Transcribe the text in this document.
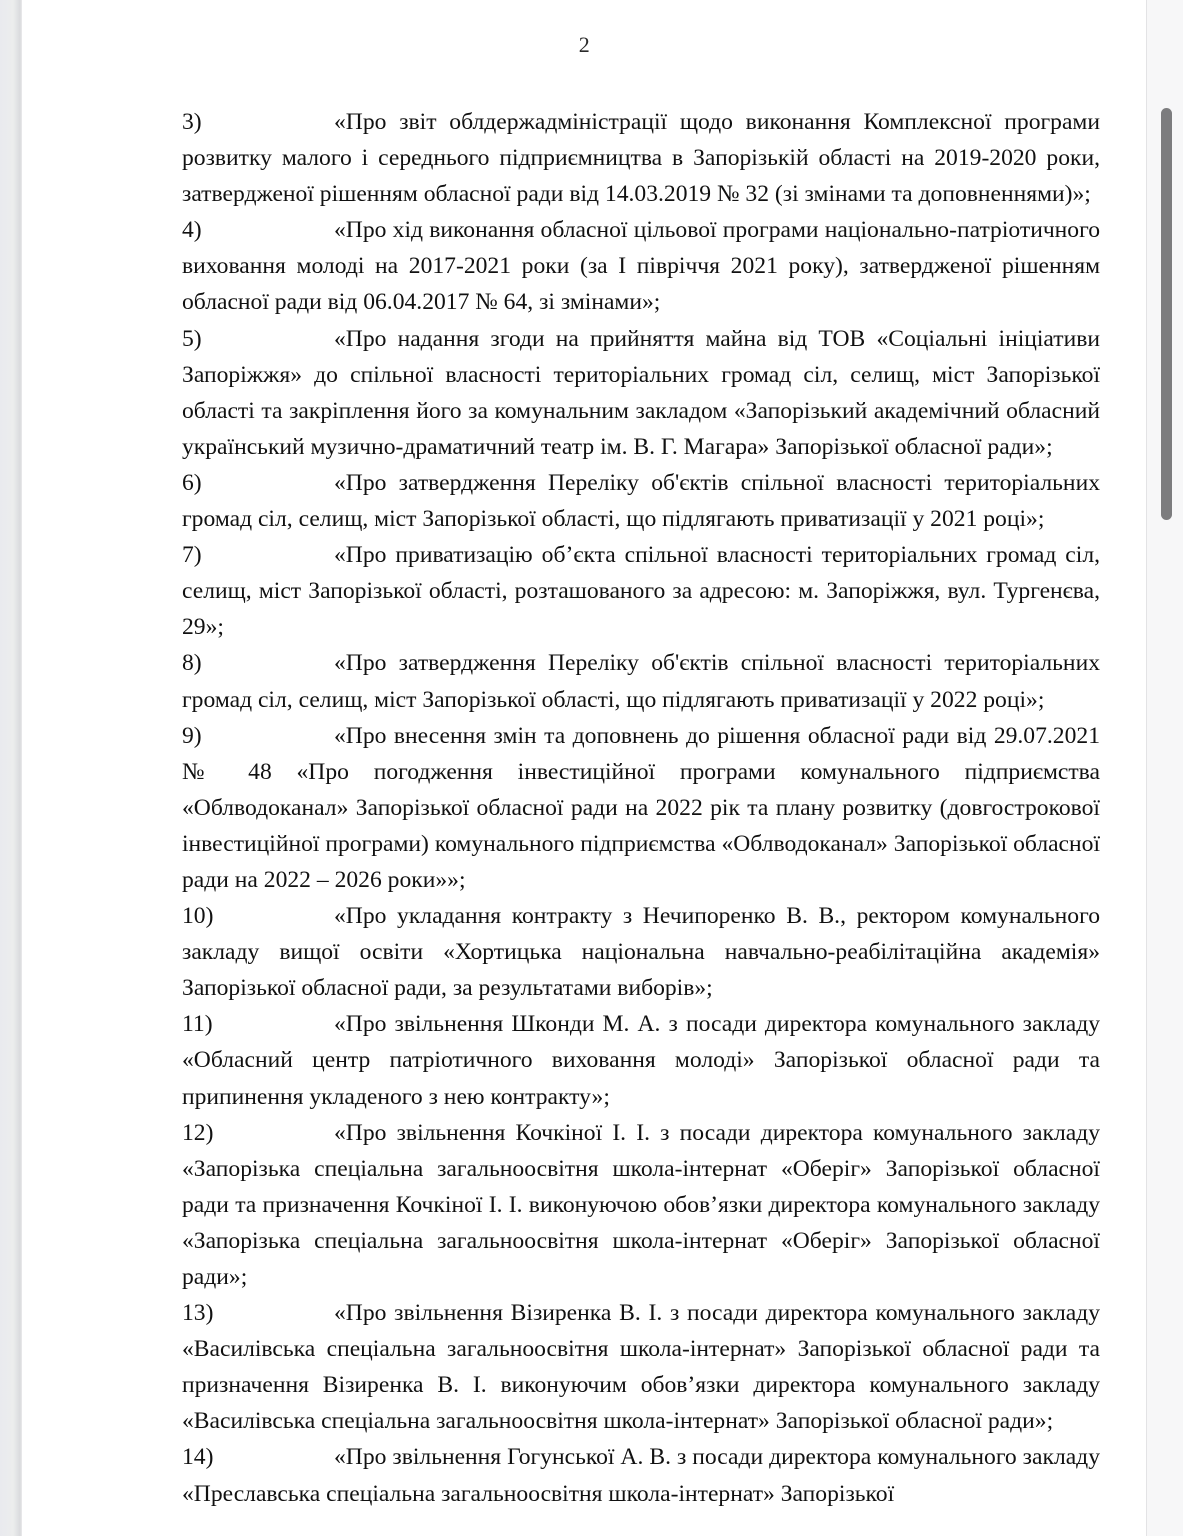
2

3)	«Про звіт облдержадміністрації щодо виконання Комплексної програми розвитку малого і середнього підприємництва в Запорізькій області на 2019-2020 роки, затвердженої рішенням обласної ради від 14.03.2019 № 32 (зі змінами та доповненнями)»;

4)	«Про хід виконання обласної цільової програми національно-патріотичного виховання молоді на 2017-2021 роки (за I півріччя 2021 року), затвердженої рішенням обласної ради від 06.04.2017 № 64, зі змінами»;

5)	«Про надання згоди на прийняття майна від ТОВ «Соціальні ініціативи Запоріжжя» до спільної власності територіальних громад сіл, селищ, міст Запорізької області та закріплення його за комунальним закладом «Запорізький академічний обласний український музично-драматичний театр ім. В. Г. Магара» Запорізької обласної ради»;

6)	«Про затвердження Переліку об'єктів спільної власності територіальних громад сіл, селищ, міст Запорізької області, що підлягають приватизації у 2021 році»;

7)	«Про приватизацію об’єкта спільної власності територіальних громад сіл, селищ, міст Запорізької області, розташованого за адресою: м. Запоріжжя, вул. Тургенєва, 29»;

8)	«Про затвердження Переліку об'єктів спільної власності територіальних громад сіл, селищ, міст Запорізької області, що підлягають приватизації у 2022 році»;

9)	«Про внесення змін та доповнень до рішення обласної ради від 29.07.2021 № 48 «Про погодження інвестиційної програми комунального підприємства «Облводоканал» Запорізької обласної ради на 2022 рік та плану розвитку (довгострокової інвестиційної програми) комунального підприємства «Облводоканал» Запорізької обласної ради на 2022 – 2026 роки»»;

10)	«Про укладання контракту з Нечипоренко В. В., ректором комунального закладу вищої освіти «Хортицька національна навчально-реабілітаційна академія» Запорізької обласної ради, за результатами виборів»;

11)	«Про звільнення Шконди М. А. з посади директора комунального закладу «Обласний центр патріотичного виховання молоді» Запорізької обласної ради та припинення укладеного з нею контракту»;

12)	«Про звільнення Кочкіної І. І. з посади директора комунального закладу «Запорізька спеціальна загальноосвітня школа-інтернат «Оберіг» Запорізької обласної ради та призначення Кочкіної І. І. виконуючою обов’язки директора комунального закладу «Запорізька спеціальна загальноосвітня школа-інтернат «Оберіг» Запорізької обласної ради»;

13)	«Про звільнення Візиренка В. І. з посади директора комунального закладу «Василівська спеціальна загальноосвітня школа-інтернат» Запорізької обласної ради та призначення Візиренка В. І. виконуючим обов’язки директора комунального закладу «Василівська спеціальна загальноосвітня школа-інтернат» Запорізької обласної ради»;

14)	«Про звільнення Гогунської А. В. з посади директора комунального закладу «Преславська спеціальна загальноосвітня школа-інтернат» Запорізької
